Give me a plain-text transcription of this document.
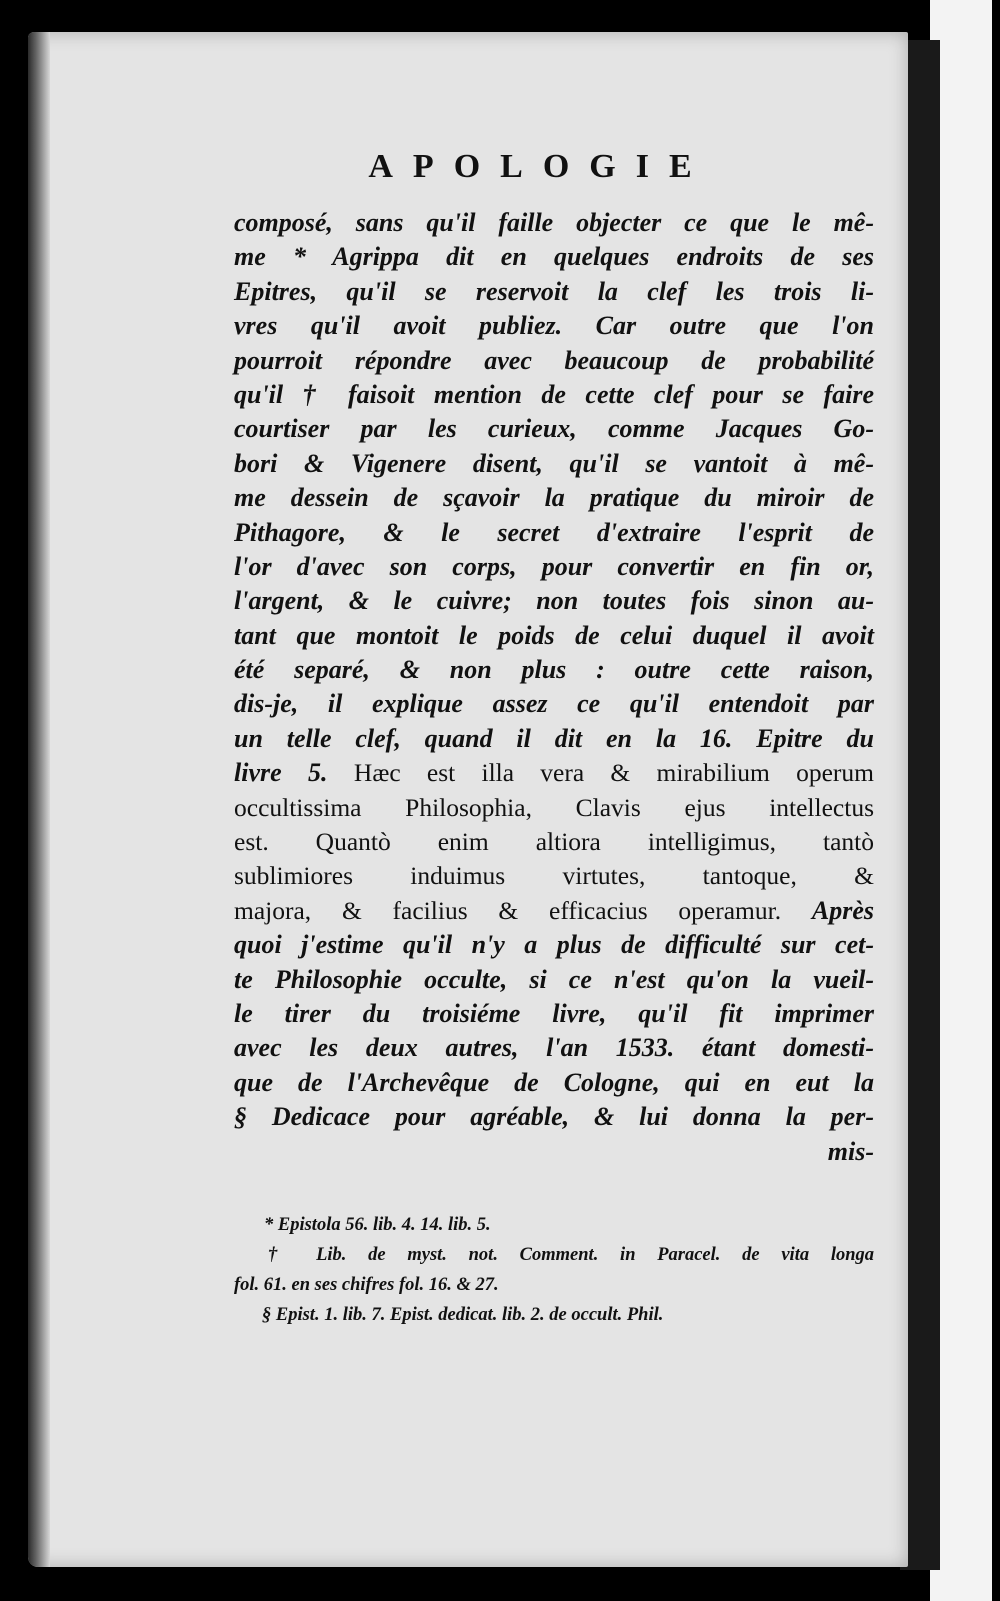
APOLOGIE
composé, sans qu'il faille objecter ce que le mê-
me * Agrippa dit en quelques endroits de ses
Epitres, qu'il se reservoit la clef les trois li-
vres qu'il avoit publiez. Car outre que l'on
pourroit répondre avec beaucoup de probabilité
qu'il † faisoit mention de cette clef pour se faire
courtiser par les curieux, comme Jacques Go-
bori & Vigenere disent, qu'il se vantoit à mê-
me dessein de sçavoir la pratique du miroir de
Pithagore, & le secret d'extraire l'esprit de
l'or d'avec son corps, pour convertir en fin or,
l'argent, & le cuivre; non toutes fois sinon au-
tant que montoit le poids de celui duquel il avoit
été separé, & non plus : outre cette raison,
dis-je, il explique assez ce qu'il entendoit par
un telle clef, quand il dit en la 16. Epitre du
livre 5. Hæc est illa vera & mirabilium operum
occultissima Philosophia, Clavis ejus intellectus
est. Quantò enim altiora intelligimus, tantò
sublimiores induimus virtutes, tantoque, &
majora, & facilius & efficacius operamur. Après
quoi j'estime qu'il n'y a plus de difficulté sur cet-
te Philosophie occulte, si ce n'est qu'on la vueil-
le tirer du troisiéme livre, qu'il fit imprimer
avec les deux autres, l'an 1533. étant domesti-
que de l'Archevêque de Cologne, qui en eut la
§ Dedicace pour agréable, & lui donna la per-
mis-
* Epistola 56. lib. 4. 14. lib. 5.
† Lib. de myst. not. Comment. in Paracel. de vita longa
fol. 61. en ses chifres fol. 16. & 27.
§ Epist. 1. lib. 7. Epist. dedicat. lib. 2. de occult. Phil.
